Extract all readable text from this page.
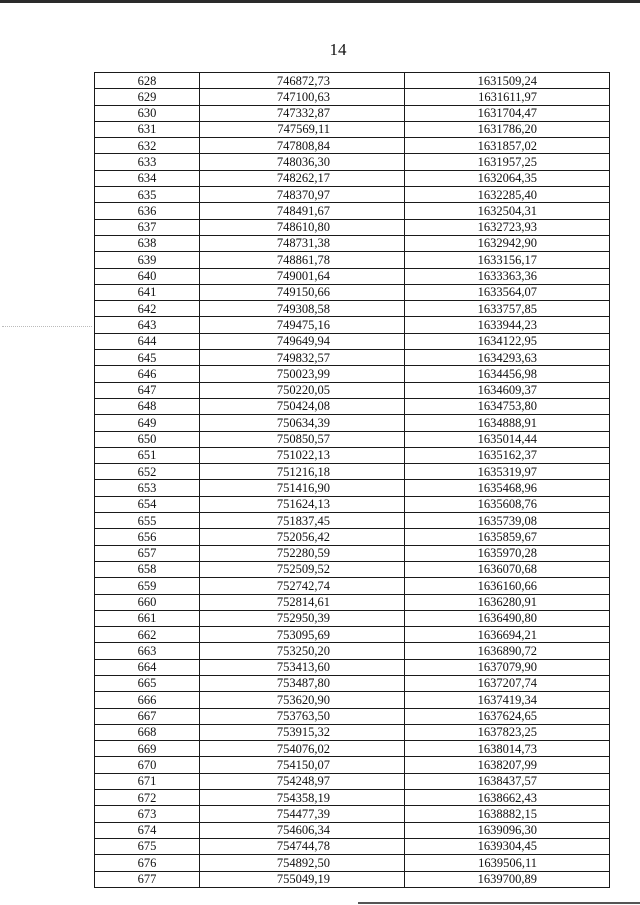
14
628	746872,73	1631509,24
629	747100,63	1631611,97
630	747332,87	1631704,47
631	747569,11	1631786,20
632	747808,84	1631857,02
633	748036,30	1631957,25
634	748262,17	1632064,35
635	748370,97	1632285,40
636	748491,67	1632504,31
637	748610,80	1632723,93
638	748731,38	1632942,90
639	748861,78	1633156,17
640	749001,64	1633363,36
641	749150,66	1633564,07
642	749308,58	1633757,85
643	749475,16	1633944,23
644	749649,94	1634122,95
645	749832,57	1634293,63
646	750023,99	1634456,98
647	750220,05	1634609,37
648	750424,08	1634753,80
649	750634,39	1634888,91
650	750850,57	1635014,44
651	751022,13	1635162,37
652	751216,18	1635319,97
653	751416,90	1635468,96
654	751624,13	1635608,76
655	751837,45	1635739,08
656	752056,42	1635859,67
657	752280,59	1635970,28
658	752509,52	1636070,68
659	752742,74	1636160,66
660	752814,61	1636280,91
661	752950,39	1636490,80
662	753095,69	1636694,21
663	753250,20	1636890,72
664	753413,60	1637079,90
665	753487,80	1637207,74
666	753620,90	1637419,34
667	753763,50	1637624,65
668	753915,32	1637823,25
669	754076,02	1638014,73
670	754150,07	1638207,99
671	754248,97	1638437,57
672	754358,19	1638662,43
673	754477,39	1638882,15
674	754606,34	1639096,30
675	754744,78	1639304,45
676	754892,50	1639506,11
677	755049,19	1639700,89
